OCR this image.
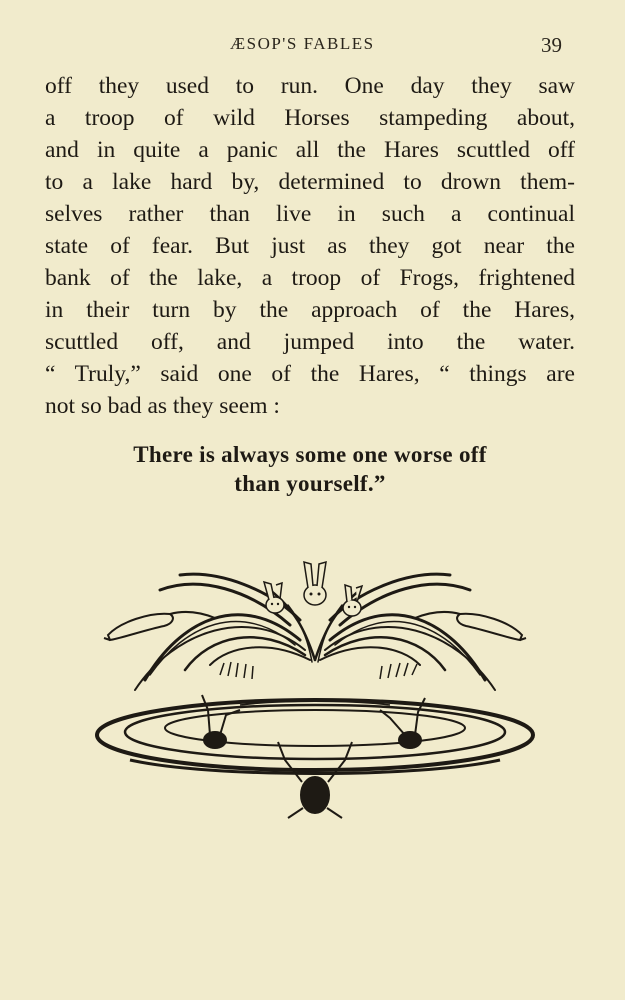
ÆSOP'S FABLES	39
off they used to run. One day they saw
a troop of wild Horses stampeding about,
and in quite a panic all the Hares scuttled off
to a lake hard by, determined to drown them-
selves rather than live in such a continual
state of fear. But just as they got near the
bank of the lake, a troop of Frogs, frightened
in their turn by the approach of the Hares,
scuttled off, and jumped into the water.
“ Truly,” said one of the Hares, “ things are
not so bad as they seem :
There is always some one worse off
than yourself.”
